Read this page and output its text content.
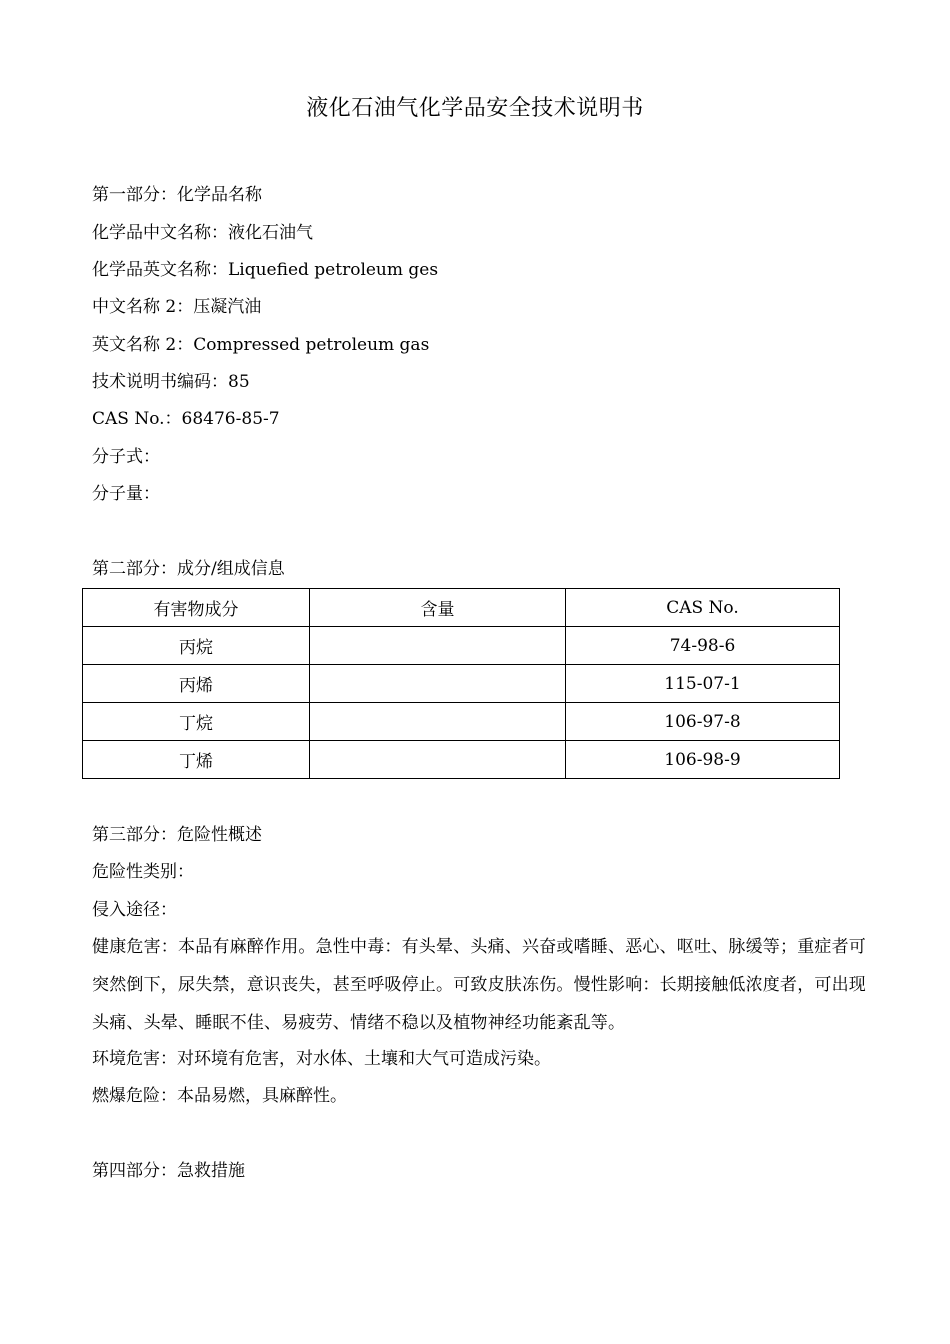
液化石油气化学品安全技术说明书
第一部分：化学品名称
化学品中文名称：液化石油气
化学品英文名称：Liquefied petroleum ges
中文名称 2：压凝汽油
英文名称 2：Compressed petroleum gas
技术说明书编码：85
CAS No.：68476-85-7
分子式：
分子量：
第二部分：成分/组成信息
有害物成分	含量	CAS No.
丙烷		74-98-6
丙烯		115-07-1
丁烷		106-97-8
丁烯		106-98-9
第三部分：危险性概述
危险性类别：
侵入途径：
健康危害：本品有麻醉作用。急性中毒：有头晕、头痛、兴奋或嗜睡、恶心、呕吐、脉缓等；重症者可突然倒下，尿失禁，意识丧失，甚至呼吸停止。可致皮肤冻伤。慢性影响：长期接触低浓度者，可出现头痛、头晕、睡眠不佳、易疲劳、情绪不稳以及植物神经功能紊乱等。
环境危害：对环境有危害，对水体、土壤和大气可造成污染。
燃爆危险：本品易燃，具麻醉性。
第四部分：急救措施
